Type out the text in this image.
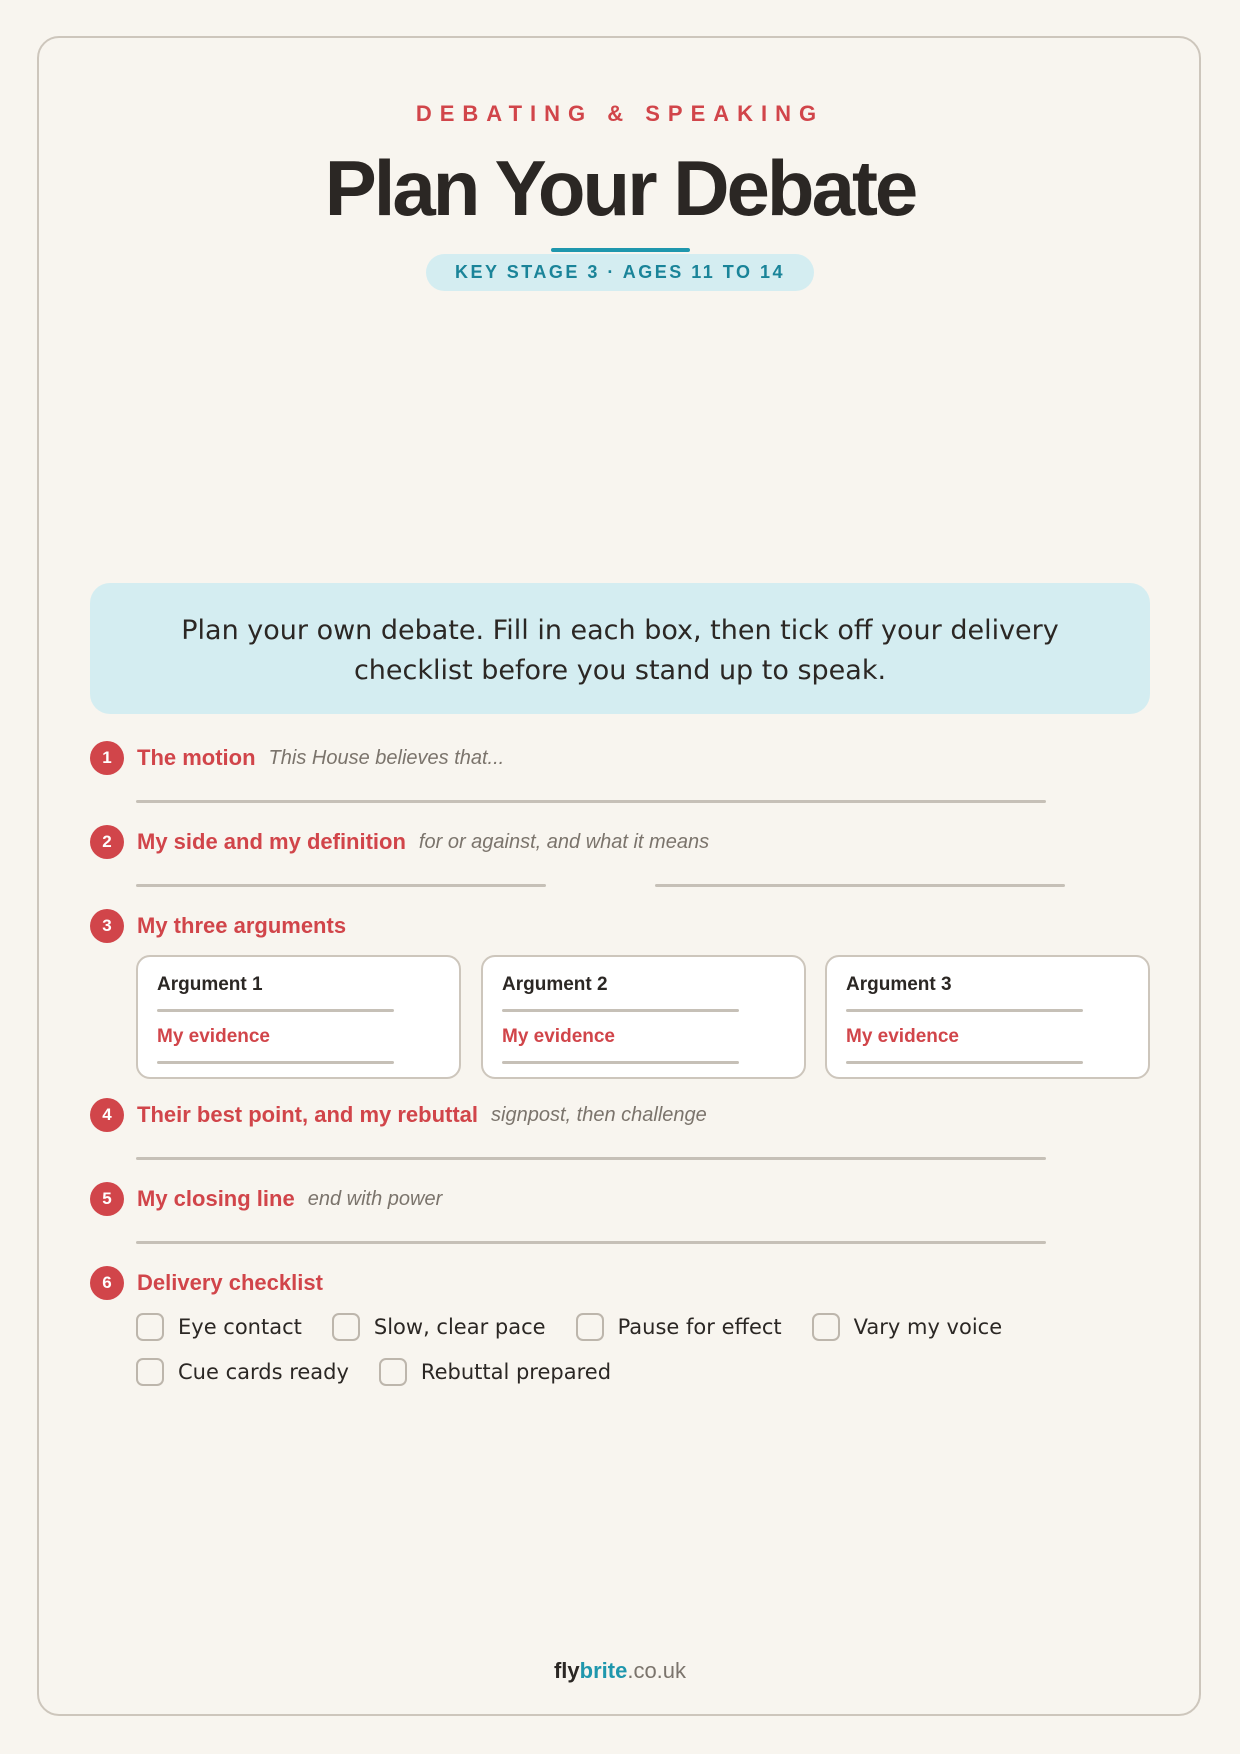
DEBATING & SPEAKING
Plan Your Debate
KEY STAGE 3 · AGES 11 TO 14
Plan your own debate. Fill in each box, then tick off your delivery checklist before you stand up to speak.
1	The motion This House believes that...
2	My side and my definition for or against, and what it means
3	My three arguments
Argument 1
My evidence
Argument 2
My evidence
Argument 3
My evidence
4	Their best point, and my rebuttal signpost, then challenge
5	My closing line end with power
6	Delivery checklist
Eye contact	Slow, clear pace	Pause for effect	Vary my voice
Cue cards ready	Rebuttal prepared
flybrite.co.uk
